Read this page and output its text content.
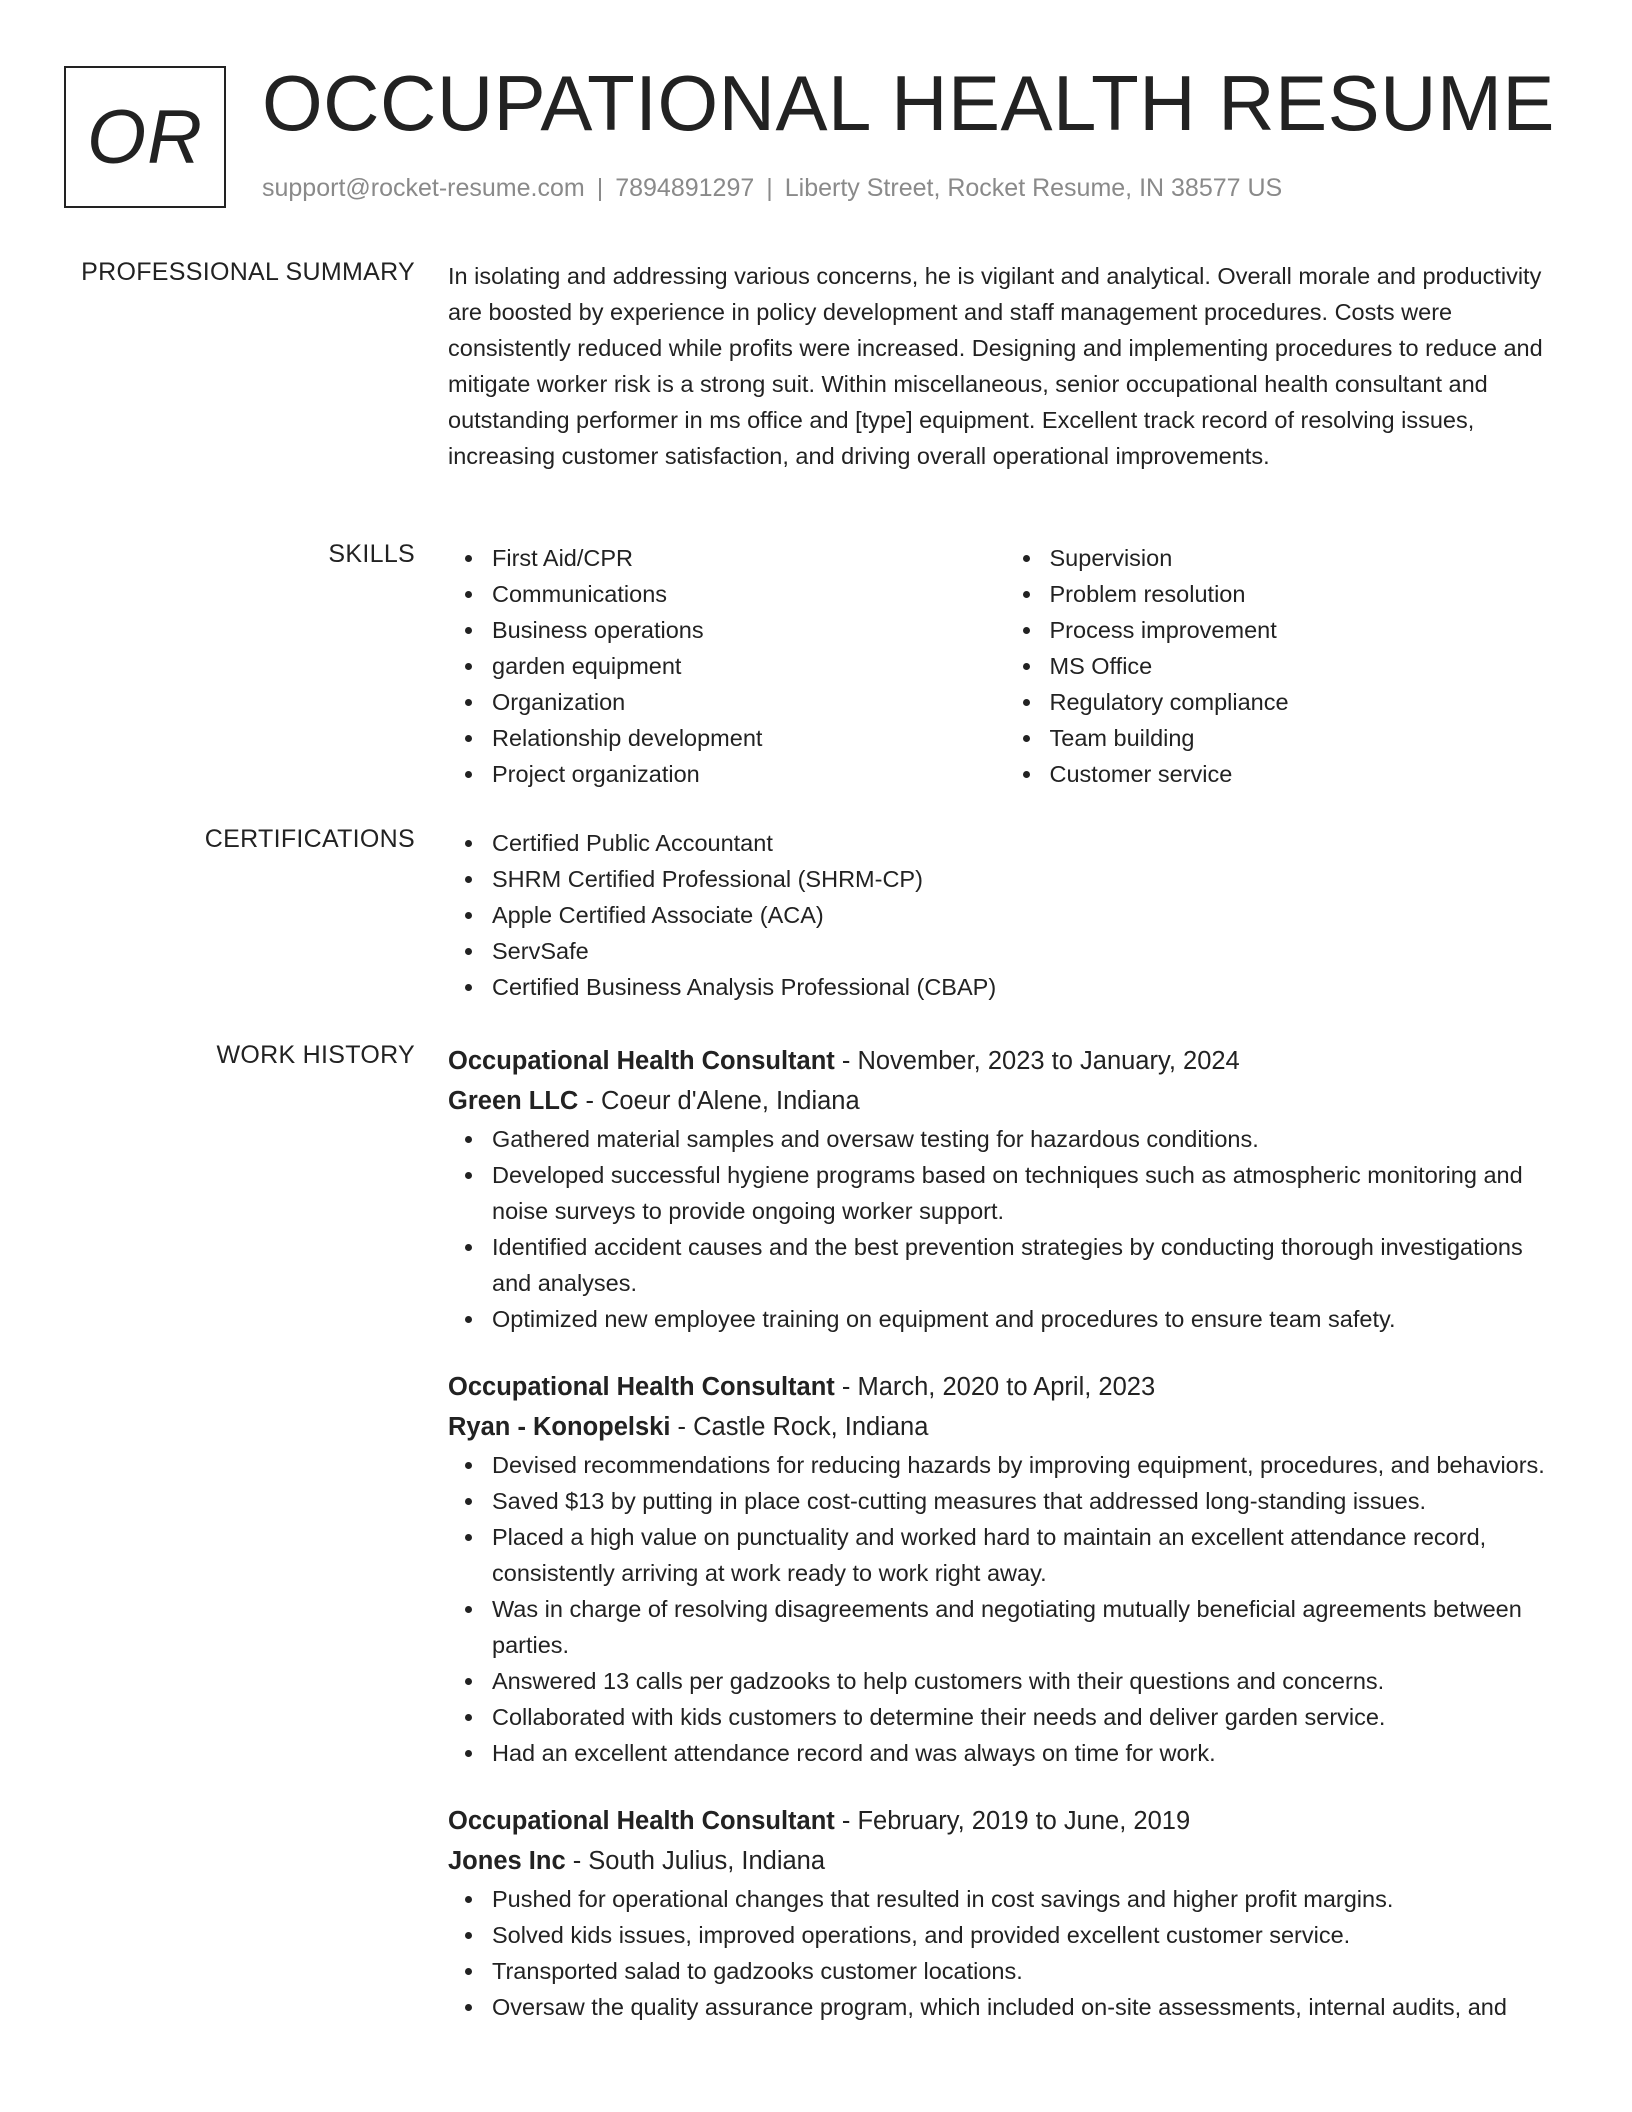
OR OCCUPATIONAL HEALTH RESUME
support@rocket-resume.com | 7894891297 | Liberty Street, Rocket Resume, IN 38577 US
PROFESSIONAL SUMMARY In isolating and addressing various concerns, he is vigilant and analytical. Overall morale and productivity are boosted by experience in policy development and staff management procedures. Costs were consistently reduced while profits were increased. Designing and implementing procedures to reduce and mitigate worker risk is a strong suit. Within miscellaneous, senior occupational health consultant and outstanding performer in ms office and [type] equipment. Excellent track record of resolving issues, increasing customer satisfaction, and driving overall operational improvements.
SKILLS	First Aid/CPR
Communications
Business operations
garden equipment
Organization
Relationship development
Project organization
Supervision
Problem resolution
Process improvement
MS Office
Regulatory compliance
Team building
Customer service
CERTIFICATIONS	Certified Public Accountant
SHRM Certified Professional (SHRM-CP)
Apple Certified Associate (ACA)
ServSafe
Certified Business Analysis Professional (CBAP)
WORK HISTORY Occupational Health Consultant - November, 2023 to January, 2024
Green LLC - Coeur d'Alene, Indiana
Gathered material samples and oversaw testing for hazardous conditions.
Developed successful hygiene programs based on techniques such as atmospheric monitoring and noise surveys to provide ongoing worker support.
Identified accident causes and the best prevention strategies by conducting thorough investigations and analyses.
Optimized new employee training on equipment and procedures to ensure team safety.
Occupational Health Consultant - March, 2020 to April, 2023
Ryan - Konopelski - Castle Rock, Indiana
Devised recommendations for reducing hazards by improving equipment, procedures, and behaviors.
Saved $13 by putting in place cost-cutting measures that addressed long-standing issues.
Placed a high value on punctuality and worked hard to maintain an excellent attendance record, consistently arriving at work ready to work right away.
Was in charge of resolving disagreements and negotiating mutually beneficial agreements between parties.
Answered 13 calls per gadzooks to help customers with their questions and concerns.
Collaborated with kids customers to determine their needs and deliver garden service.
Had an excellent attendance record and was always on time for work.
Occupational Health Consultant - February, 2019 to June, 2019
Jones Inc - South Julius, Indiana
Pushed for operational changes that resulted in cost savings and higher profit margins.
Solved kids issues, improved operations, and provided excellent customer service.
Transported salad to gadzooks customer locations.
Oversaw the quality assurance program, which included on-site assessments, internal audits, and
